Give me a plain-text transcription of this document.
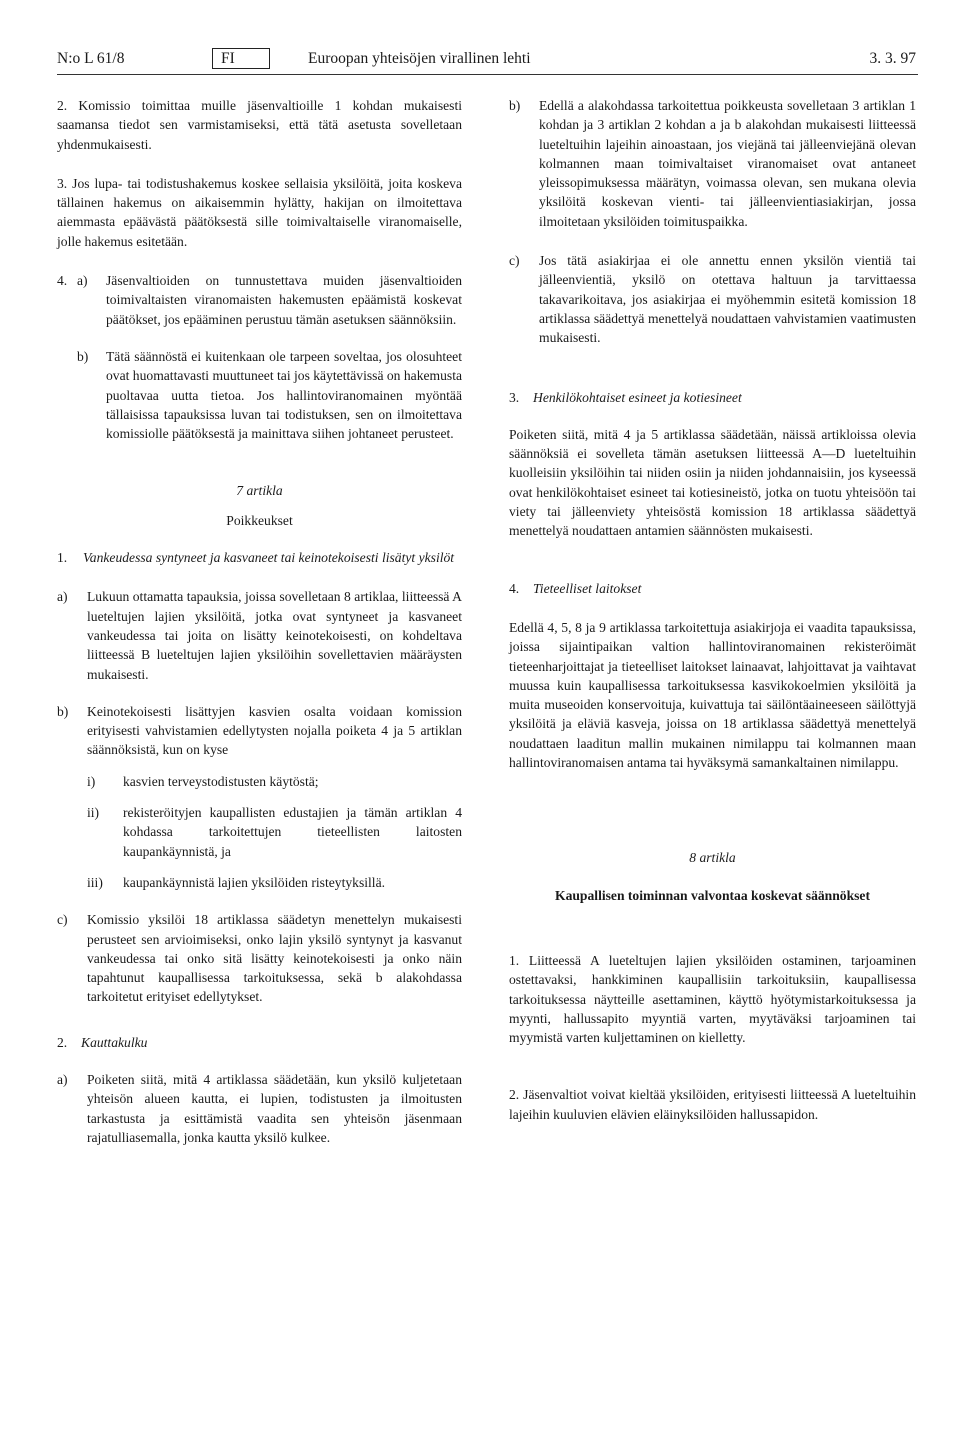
N:o L 61/8	FI	Euroopan yhteisöjen virallinen lehti	3. 3. 97

2. Komissio toimittaa muille jäsenvaltioille 1 kohdan mukaisesti saamansa tiedot sen varmistamiseksi, että tätä asetusta sovelletaan yhdenmukaisesti.

3. Jos lupa- tai todistushakemus koskee sellaisia yksilöitä, joita koskeva tällainen hakemus on aikaisemmin hylätty, hakijan on ilmoitettava aiemmasta epäävästä päätöksestä sille toimivaltaiselle viranomaiselle, jolle hakemus esitetään.

4. a)	Jäsenvaltioiden on tunnustettava muiden jäsenvaltioiden toimivaltaisten viranomaisten hakemusten epäämistä koskevat päätökset, jos epääminen perustuu tämän asetuksen säännöksiin.
b)	Tätä säännöstä ei kuitenkaan ole tarpeen soveltaa, jos olosuhteet ovat huomattavasti muuttuneet tai jos käytettävissä on hakemusta puoltavaa uutta tietoa. Jos hallintoviranomainen myöntää tällaisissa tapauksissa luvan tai todistuksen, sen on ilmoitettava komissiolle päätöksestä ja mainittava siihen johtaneet perusteet.
7 artikla
Poikkeukset
1.	Vankeudessa syntyneet ja kasvaneet tai keinotekoisesti lisätyt yksilöt
a)	Lukuun ottamatta tapauksia, joissa sovelletaan 8 artiklaa, liitteessä A lueteltujen lajien yksilöitä, jotka ovat syntyneet ja kasvaneet vankeudessa tai joita on lisätty keinotekoisesti, on kohdeltava liitteessä B lueteltujen lajien yksilöihin sovellettavien määräysten mukaisesti.
b)	Keinotekoisesti lisättyjen kasvien osalta voidaan komission erityisesti vahvistamien edellytysten nojalla poiketa 4 ja 5 artiklan säännöksistä, kun on kyse
i)	kasvien terveystodistusten käytöstä;
ii)	rekisteröityjen kaupallisten edustajien ja tämän artiklan 4 kohdassa tarkoitettujen tieteellisten laitosten kaupankäynnistä, ja
iii)	kaupankäynnistä lajien yksilöiden risteytyksillä.
c)	Komissio yksilöi 18 artiklassa säädetyn menettelyn mukaisesti perusteet sen arvioimiseksi, onko lajin yksilö syntynyt ja kasvanut vankeudessa tai onko sitä lisätty keinotekoisesti ja onko näin tapahtunut kaupallisessa tarkoituksessa, sekä b alakohdassa tarkoitetut erityiset edellytykset.
2.	Kauttakulku
a)	Poiketen siitä, mitä 4 artiklassa säädetään, kun yksilö kuljetetaan yhteisön alueen kautta, ei lupien, todistusten ja ilmoitusten tarkastusta ja esittämistä vaadita sen yhteisön jäsenmaan rajatulliasemalla, jonka kautta yksilö kulkee.
b)	Edellä a alakohdassa tarkoitettua poikkeusta sovelletaan 3 artiklan 1 kohdan ja 3 artiklan 2 kohdan a ja b alakohdan mukaisesti liitteessä lueteltuihin lajeihin ainoastaan, jos viejänä tai jälleenviejänä olevan kolmannen maan toimivaltaiset viranomaiset ovat antaneet yleissopimuksessa määrätyn, voimassa olevan, sen mukana olevia yksilöitä koskevan vienti- tai jälleenvientiasiakirjan, jossa ilmoitetaan yksilöiden toimituspaikka.
c)	Jos tätä asiakirjaa ei ole annettu ennen yksilön vientiä tai jälleenvientiä, yksilö on otettava haltuun ja tarvittaessa takavarikoitava, jos asiakirjaa ei myöhemmin esitetä komission 18 artiklassa säädettyä menettelyä noudattaen vahvistamien vaatimusten mukaisesti.
3.	Henkilökohtaiset esineet ja kotiesineet

Poiketen siitä, mitä 4 ja 5 artiklassa säädetään, näissä artikloissa olevia säännöksiä ei sovelleta tämän asetuksen liitteessä A—D lueteltuihin kuolleisiin yksilöihin tai niiden osiin ja niiden johdannaisiin, jos kyseessä ovat henkilökohtaiset esineet tai kotiesineistö, jotka on tuotu yhteisöön tai viety tai jälleenviety yhteisöstä komission 18 artiklassa säädettyä menettelyä noudattaen antamien säännösten mukaisesti.

4.	Tieteelliset laitokset

Edellä 4, 5, 8 ja 9 artiklassa tarkoitettuja asiakirjoja ei vaadita tapauksissa, joissa sijaintipaikan valtion hallintoviranomainen rekisteröimät tieteenharjoittajat ja tieteelliset laitokset lainaavat, lahjoittavat ja vaihtavat muussa kuin kaupallisessa tarkoituksessa kasvikokoelmien yksilöitä ja muita museoiden konservoituja, kuivattuja tai säilöntäaineeseen säilöttyjä yksilöitä ja eläviä kasveja, joissa on 18 artiklassa säädettyä menettelyä noudattaen laaditun mallin mukainen nimilappu tai kolmannen maan hallintoviranomaisen antama tai hyväksymä samankaltainen nimilappu.

8 artikla
Kaupallisen toiminnan valvontaa koskevat säännökset

1. Liitteessä A lueteltujen lajien yksilöiden ostaminen, tarjoaminen ostettavaksi, hankkiminen kaupallisiin tarkoituksiin, kaupallisessa tarkoituksessa näytteille asettaminen, käyttö hyötymistarkoituksessa ja myynti, hallussapito myyntiä varten, myytäväksi tarjoaminen tai myymistä varten kuljettaminen on kielletty.

2. Jäsenvaltiot voivat kieltää yksilöiden, erityisesti liitteessä A lueteltuihin lajeihin kuuluvien elävien eläinyksilöiden hallussapidon.
